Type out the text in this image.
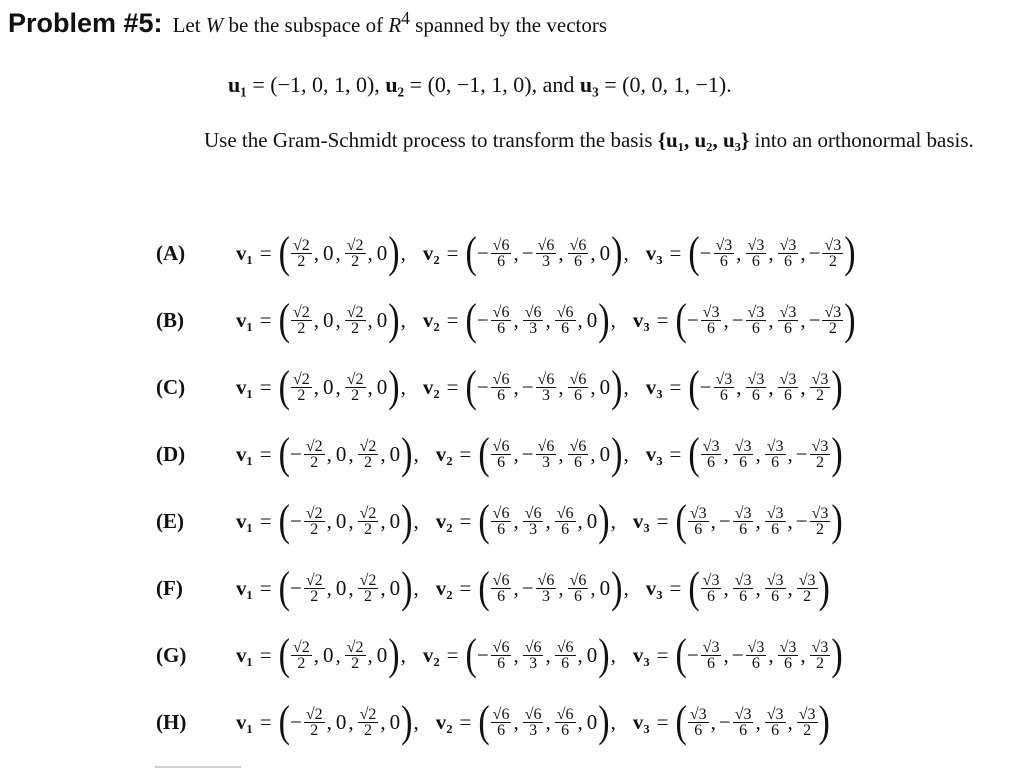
Problem #5: Let W be the subspace of $R^4$ spanned by the vectors
u₁ = (−1, 0, 1, 0), u₂ = (0, −1, 1, 0), and u₃ = (0, 0, 1, −1).
Use the Gram-Schmidt process to transform the basis {u₁, u₂, u₃} into an orthonormal basis.
(A)	v₁ = ( $\frac{√2}{2}$ , 0 , $\frac{√2}{2}$ , 0 ) , v₂ = ( − $\frac{√6}{6}$ , − $\frac{√6}{3}$ , $\frac{√6}{6}$ , 0 ) , v₃ = ( − $\frac{√3}{6}$ , $\frac{√3}{6}$ , $\frac{√3}{6}$ , − $\frac{√3}{2}$ )
(B)	v₁ = ( $\frac{√2}{2}$ , 0 , $\frac{√2}{2}$ , 0 ) , v₂ = ( − $\frac{√6}{6}$ , $\frac{√6}{3}$ , $\frac{√6}{6}$ , 0 ) , v₃ = ( − $\frac{√3}{6}$ , − $\frac{√3}{6}$ , $\frac{√3}{6}$ , − $\frac{√3}{2}$ )
(C)	v₁ = ( $\frac{√2}{2}$ , 0 , $\frac{√2}{2}$ , 0 ) , v₂ = ( − $\frac{√6}{6}$ , − $\frac{√6}{3}$ , $\frac{√6}{6}$ , 0 ) , v₃ = ( − $\frac{√3}{6}$ , $\frac{√3}{6}$ , $\frac{√3}{6}$ , $\frac{√3}{2}$ )
(D)	v₁ = ( − $\frac{√2}{2}$ , 0 , $\frac{√2}{2}$ , 0 ) , v₂ = ( $\frac{√6}{6}$ , − $\frac{√6}{3}$ , $\frac{√6}{6}$ , 0 ) , v₃ = ( $\frac{√3}{6}$ , $\frac{√3}{6}$ , $\frac{√3}{6}$ , − $\frac{√3}{2}$ )
(E)	v₁ = ( − $\frac{√2}{2}$ , 0 , $\frac{√2}{2}$ , 0 ) , v₂ = ( $\frac{√6}{6}$ , $\frac{√6}{3}$ , $\frac{√6}{6}$ , 0 ) , v₃ = ( $\frac{√3}{6}$ , − $\frac{√3}{6}$ , $\frac{√3}{6}$ , − $\frac{√3}{2}$ )
(F)	v₁ = ( − $\frac{√2}{2}$ , 0 , $\frac{√2}{2}$ , 0 ) , v₂ = ( $\frac{√6}{6}$ , − $\frac{√6}{3}$ , $\frac{√6}{6}$ , 0 ) , v₃ = ( $\frac{√3}{6}$ , $\frac{√3}{6}$ , $\frac{√3}{6}$ , $\frac{√3}{2}$ )
(G)	v₁ = ( $\frac{√2}{2}$ , 0 , $\frac{√2}{2}$ , 0 ) , v₂ = ( − $\frac{√6}{6}$ , $\frac{√6}{3}$ , $\frac{√6}{6}$ , 0 ) , v₃ = ( − $\frac{√3}{6}$ , − $\frac{√3}{6}$ , $\frac{√3}{6}$ , $\frac{√3}{2}$ )
(H)	v₁ = ( − $\frac{√2}{2}$ , 0 , $\frac{√2}{2}$ , 0 ) , v₂ = ( $\frac{√6}{6}$ , $\frac{√6}{3}$ , $\frac{√6}{6}$ , 0 ) , v₃ = ( $\frac{√3}{6}$ , − $\frac{√3}{6}$ , $\frac{√3}{6}$ , $\frac{√3}{2}$ )
